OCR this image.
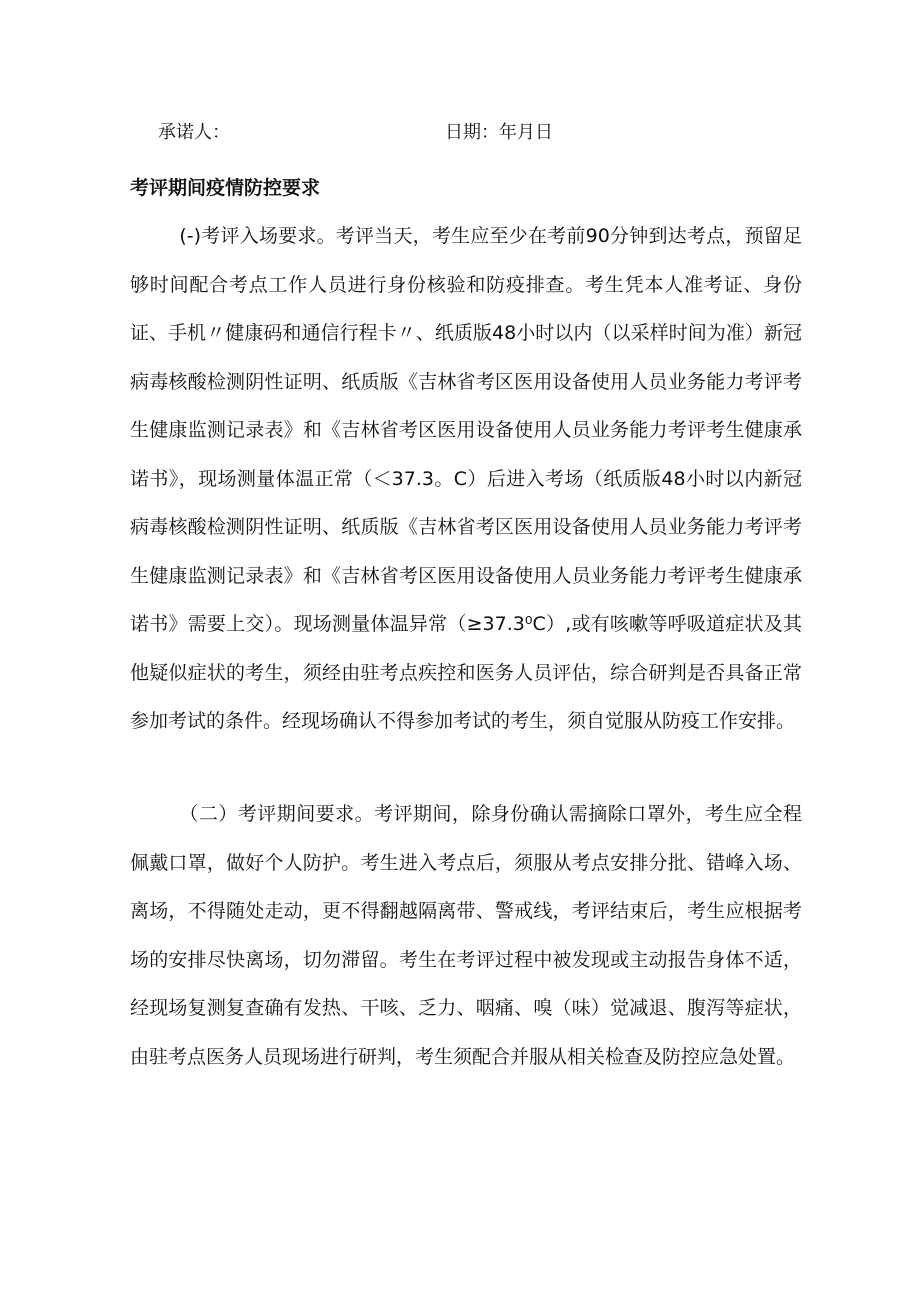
承诺人：	日期：年月日
考评期间疫情防控要求

(-)考评入场要求。考评当天，考生应至少在考前90分钟到达考点，预留足够时间配合考点工作人员进行身份核验和防疫排查。考生凭本人准考证、身份证、手机〃健康码和通信行程卡〃、纸质版48小时以内（以采样时间为准）新冠病毒核酸检测阴性证明、纸质版《吉林省考区医用设备使用人员业务能力考评考生健康监测记录表》和《吉林省考区医用设备使用人员业务能力考评考生健康承诺书》，现场测量体温正常（＜37.3。C）后进入考场（纸质版48小时以内新冠病毒核酸检测阴性证明、纸质版《吉林省考区医用设备使用人员业务能力考评考生健康监测记录表》和《吉林省考区医用设备使用人员业务能力考评考生健康承诺书》需要上交）。现场测量体温异常（≥37.3⁰C）,或有咳嗽等呼吸道症状及其他疑似症状的考生，须经由驻考点疾控和医务人员评估，综合研判是否具备正常参加考试的条件。经现场确认不得参加考试的考生，须自觉服从防疫工作安排。

（二）考评期间要求。考评期间，除身份确认需摘除口罩外，考生应全程佩戴口罩，做好个人防护。考生进入考点后，须服从考点安排分批、错峰入场、离场，不得随处走动，更不得翻越隔离带、警戒线，考评结束后，考生应根据考场的安排尽快离场，切勿滞留。考生在考评过程中被发现或主动报告身体不适，经现场复测复查确有发热、干咳、乏力、咽痛、嗅（味）觉减退、腹泻等症状，由驻考点医务人员现场进行研判，考生须配合并服从相关检查及防控应急处置。
